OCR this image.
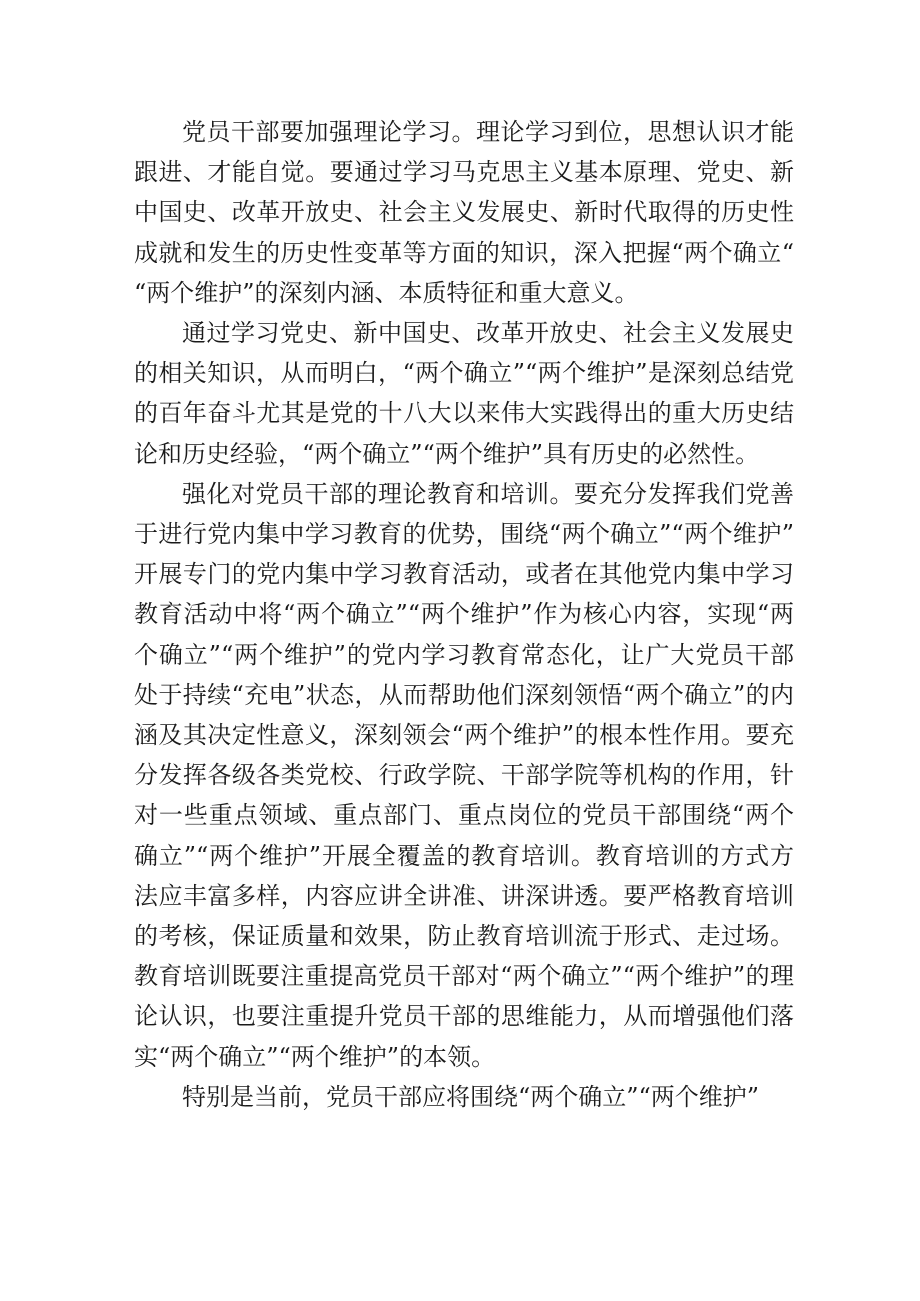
党员干部要加强理论学习。理论学习到位，思想认识才能跟进、才能自觉。要通过学习马克思主义基本原理、党史、新中国史、改革开放史、社会主义发展史、新时代取得的历史性成就和发生的历史性变革等方面的知识，深入把握“两个确立““两个维护”的深刻内涵、本质特征和重大意义。

通过学习党史、新中国史、改革开放史、社会主义发展史的相关知识，从而明白，“两个确立”“两个维护”是深刻总结党的百年奋斗尤其是党的十八大以来伟大实践得出的重大历史结论和历史经验，“两个确立”“两个维护”具有历史的必然性。

强化对党员干部的理论教育和培训。要充分发挥我们党善于进行党内集中学习教育的优势，围绕“两个确立”“两个维护”开展专门的党内集中学习教育活动，或者在其他党内集中学习教育活动中将“两个确立”“两个维护”作为核心内容，实现“两个确立”“两个维护”的党内学习教育常态化，让广大党员干部处于持续“充电”状态，从而帮助他们深刻领悟“两个确立”的内涵及其决定性意义，深刻领会“两个维护”的根本性作用。要充分发挥各级各类党校、行政学院、干部学院等机构的作用，针对一些重点领域、重点部门、重点岗位的党员干部围绕“两个确立”“两个维护”开展全覆盖的教育培训。教育培训的方式方法应丰富多样，内容应讲全讲准、讲深讲透。要严格教育培训的考核，保证质量和效果，防止教育培训流于形式、走过场。教育培训既要注重提高党员干部对“两个确立”“两个维护”的理论认识，也要注重提升党员干部的思维能力，从而增强他们落实“两个确立”“两个维护”的本领。

特别是当前，党员干部应将围绕“两个确立”“两个维护”
